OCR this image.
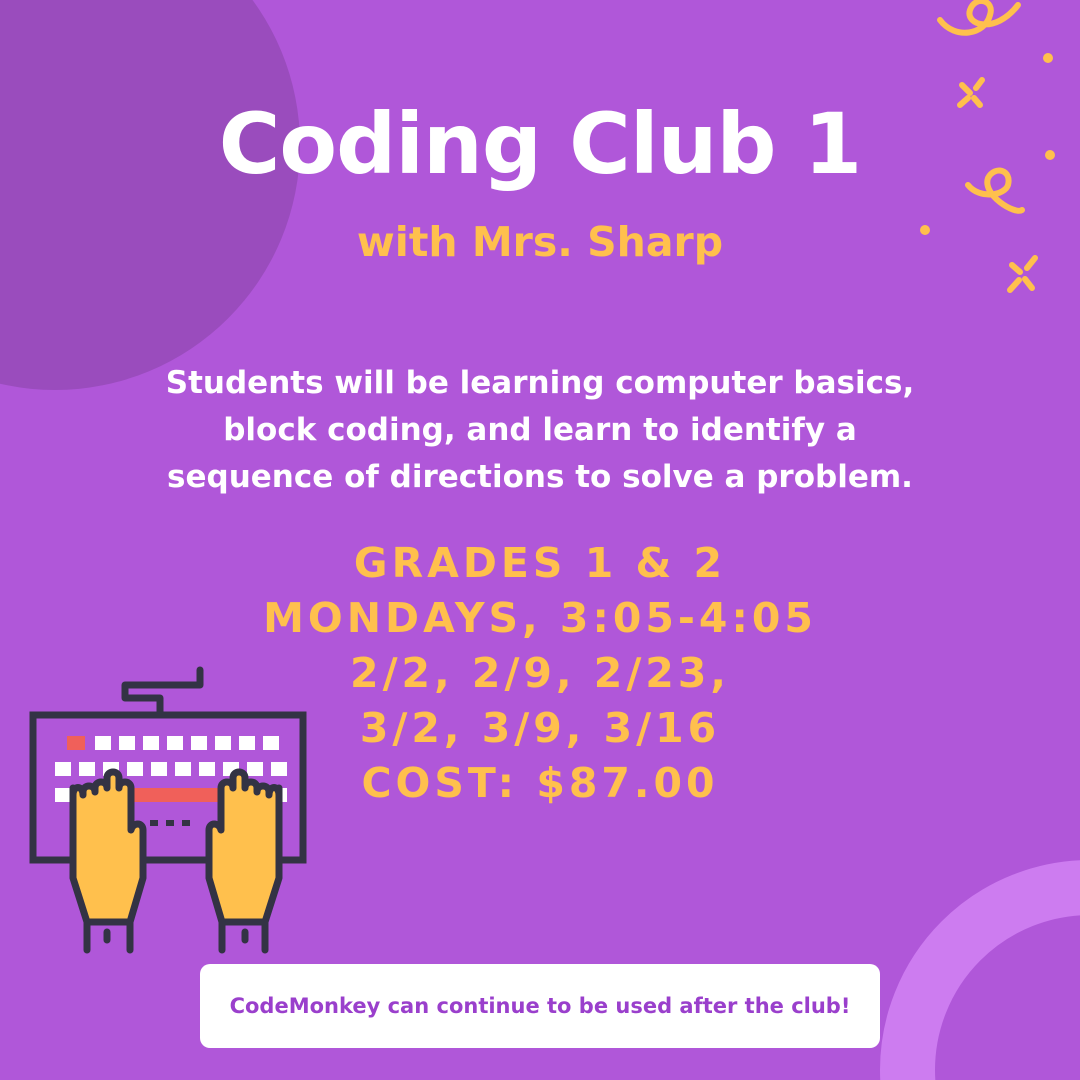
Coding Club 1
with Mrs. Sharp
Students will be learning computer basics,
block coding, and learn to identify a
sequence of directions to solve a problem.
GRADES 1 & 2
MONDAYS, 3:05-4:05
2/2, 2/9, 2/23,
3/2, 3/9, 3/16
COST: $87.00
CodeMonkey can continue to be used after the club!
